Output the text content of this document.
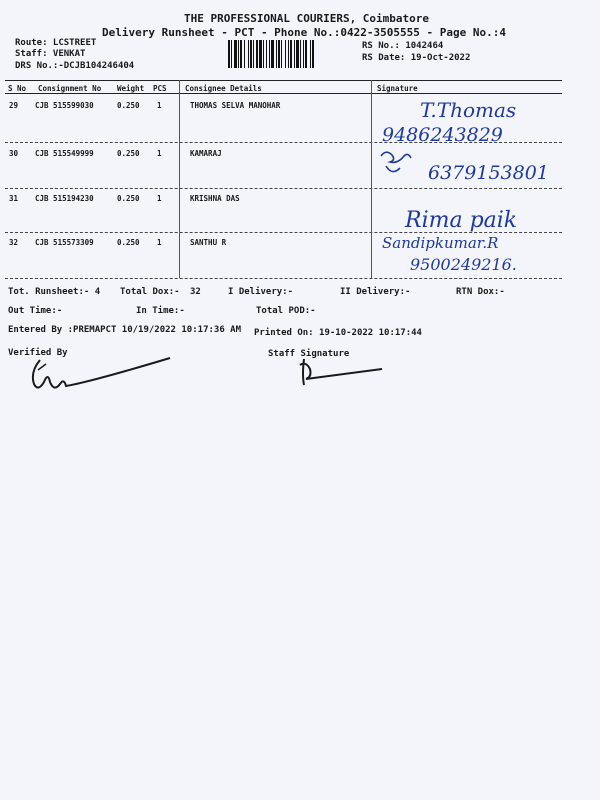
THE PROFESSIONAL COURIERS, Coimbatore
Delivery Runsheet - PCT - Phone No.:0422-3505555 - Page No.:4
Route: LCSTREET
Staff: VENKAT
DRS No.:-DCJB104246404
RS No.: 1042464
RS Date: 19-Oct-2022
S No Consignment No Weight PCS Consignee Details	Signature
29 CJB 515599030	0.250 1	THOMAS SELVA MANOHAR	T.Thomas
9486243829
30 CJB 515549999	0.250 1	KAMARAJ
6379153801
31 CJB 515194230	0.250 1	KRISHNA DAS
Rima paik
32 CJB 515573309	0.250 1	SANTHU R	Sandipkumar.R
9500249216.
Tot. Runsheet:- 4 Total Dox:- 32	I Delivery:-	II Delivery:-	RTN Dox:-
Out Time:-	In Time:-	Total POD:-
Entered By :PREMAPCT 10/19/2022 10:17:36 AM Printed On: 19-10-2022 10:17:44
Verified By	Staff Signature
